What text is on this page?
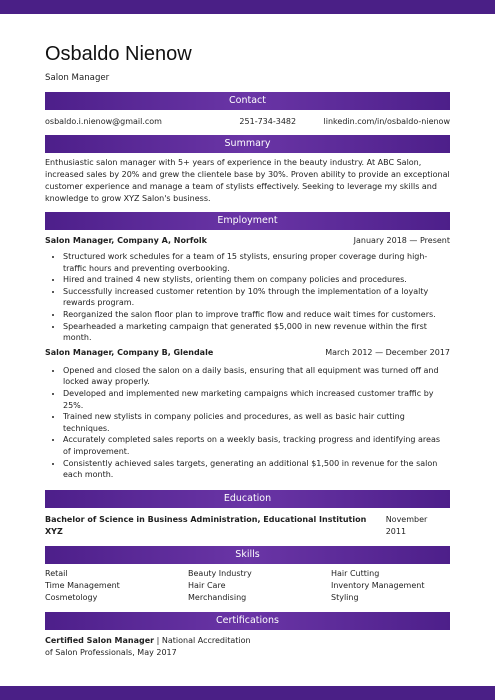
Osbaldo Nienow
Salon Manager
Contact
osbaldo.i.nienow@gmail.com	251-734-3482	linkedin.com/in/osbaldo-nienow
Summary
Enthusiastic salon manager with 5+ years of experience in the beauty industry. At ABC Salon, increased sales by 20% and grew the clientele base by 30%. Proven ability to provide an exceptional customer experience and manage a team of stylists effectively. Seeking to leverage my skills and knowledge to grow XYZ Salon's business.
Employment
Salon Manager, Company A, Norfolk	January 2018 — Present
• Structured work schedules for a team of 15 stylists, ensuring proper coverage during high-traffic hours and preventing overbooking.
• Hired and trained 4 new stylists, orienting them on company policies and procedures.
• Successfully increased customer retention by 10% through the implementation of a loyalty rewards program.
• Reorganized the salon floor plan to improve traffic flow and reduce wait times for customers.
• Spearheaded a marketing campaign that generated $5,000 in new revenue within the first month.
Salon Manager, Company B, Glendale	March 2012 — December 2017
• Opened and closed the salon on a daily basis, ensuring that all equipment was turned off and locked away properly.
• Developed and implemented new marketing campaigns which increased customer traffic by 25%.
• Trained new stylists in company policies and procedures, as well as basic hair cutting techniques.
• Accurately completed sales reports on a weekly basis, tracking progress and identifying areas of improvement.
• Consistently achieved sales targets, generating an additional $1,500 in revenue for the salon each month.
Education
Bachelor of Science in Business Administration, Educational Institution XYZ
November 2011
Skills
Retail	Beauty Industry	Hair Cutting
Time Management	Hair Care	Inventory Management
Cosmetology	Merchandising	Styling
Certifications
Certified Salon Manager | National Accreditation
of Salon Professionals, May 2017
